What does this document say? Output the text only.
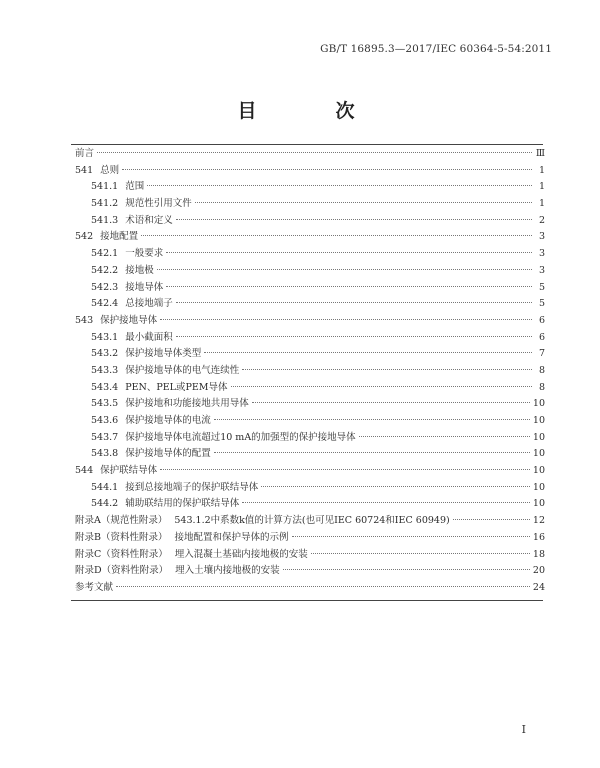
GB/T 16895.3—2017/IEC 60364-5-54:2011
目　次
前言	Ⅲ
541 总则	1
541.1 范围	1
541.2 规范性引用文件	1
541.3 术语和定义	2
542 接地配置	3
542.1 一般要求	3
542.2 接地极	3
542.3 接地导体	5
542.4 总接地端子	5
543 保护接地导体	6
543.1 最小截面积	6
543.2 保护接地导体类型	7
543.3 保护接地导体的电气连续性	8
543.4 PEN、PEL或PEM导体	8
543.5 保护接地和功能接地共用导体	10
543.6 保护接地导体的电流	10
543.7 保护接地导体电流超过10 mA的加强型的保护接地导体	10
543.8 保护接地导体的配置	10
544 保护联结导体	10
544.1 接到总接地端子的保护联结导体	10
544.2 辅助联结用的保护联结导体	10
附录A（规范性附录） 543.1.2中系数k值的计算方法(也可见IEC 60724和IEC 60949)	12
附录B（资料性附录） 接地配置和保护导体的示例	16
附录C（资料性附录） 埋入混凝土基础内接地极的安装	18
附录D（资料性附录） 埋入土壤内接地极的安装	20
参考文献	24
I
